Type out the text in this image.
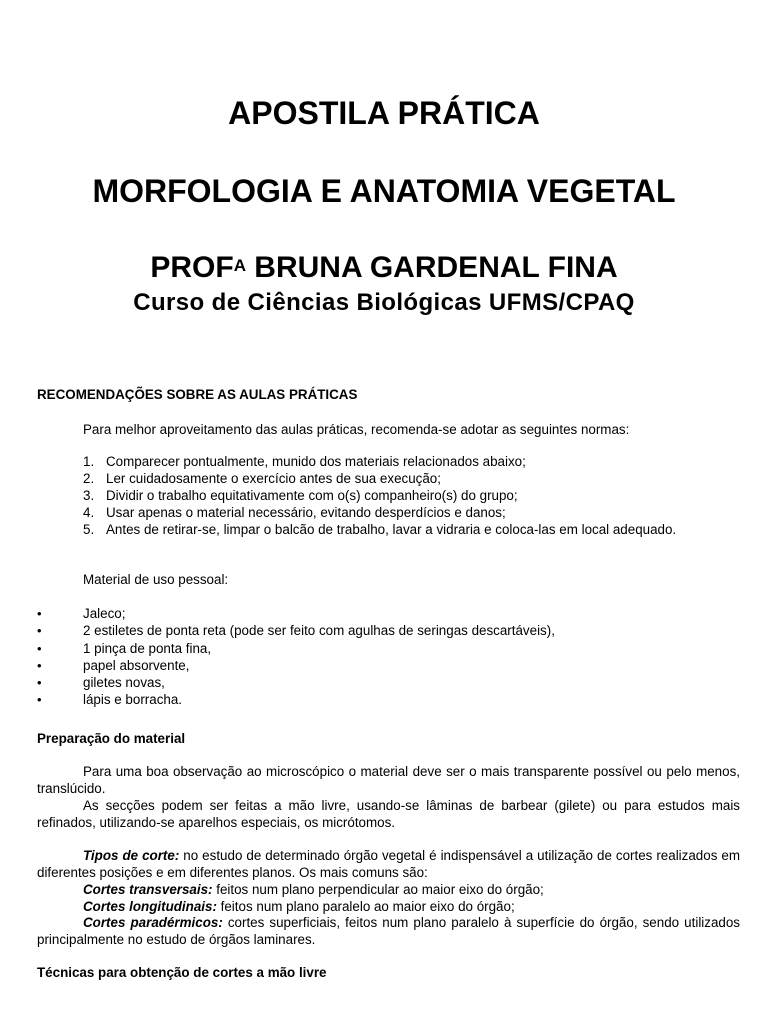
APOSTILA PRÁTICA
MORFOLOGIA E ANATOMIA VEGETAL
$PROF^A$ BRUNA GARDENAL FINA
Curso de Ciências Biológicas UFMS/CPAQ
RECOMENDAÇÕES SOBRE AS AULAS PRÁTICAS
Para melhor aproveitamento das aulas práticas, recomenda-se adotar as seguintes normas:
1. Comparecer pontualmente, munido dos materiais relacionados abaixo;
2. Ler cuidadosamente o exercício antes de sua execução;
3. Dividir o trabalho equitativamente com o(s) companheiro(s) do grupo;
4. Usar apenas o material necessário, evitando desperdícios e danos;
5. Antes de retirar-se, limpar o balcão de trabalho, lavar a vidraria e coloca-las em local adequado.
Material de uso pessoal:
•	Jaleco;
•	2 estiletes de ponta reta (pode ser feito com agulhas de seringas descartáveis),
•	1 pinça de ponta fina,
•	papel absorvente,
•	giletes novas,
•	lápis e borracha.
Preparação do material
Para uma boa observação ao microscópico o material deve ser o mais transparente possível ou pelo menos, translúcido.
As secções podem ser feitas a mão livre, usando-se lâminas de barbear (gilete) ou para estudos mais refinados, utilizando-se aparelhos especiais, os micrótomos.
Tipos de corte: no estudo de determinado órgão vegetal é indispensável a utilização de cortes realizados em diferentes posições e em diferentes planos. Os mais comuns são:
Cortes transversais: feitos num plano perpendicular ao maior eixo do órgão;
Cortes longitudinais: feitos num plano paralelo ao maior eixo do órgão;
Cortes paradérmicos: cortes superficiais, feitos num plano paralelo à superfície do órgão, sendo utilizados principalmente no estudo de órgãos laminares.
Técnicas para obtenção de cortes a mão livre
